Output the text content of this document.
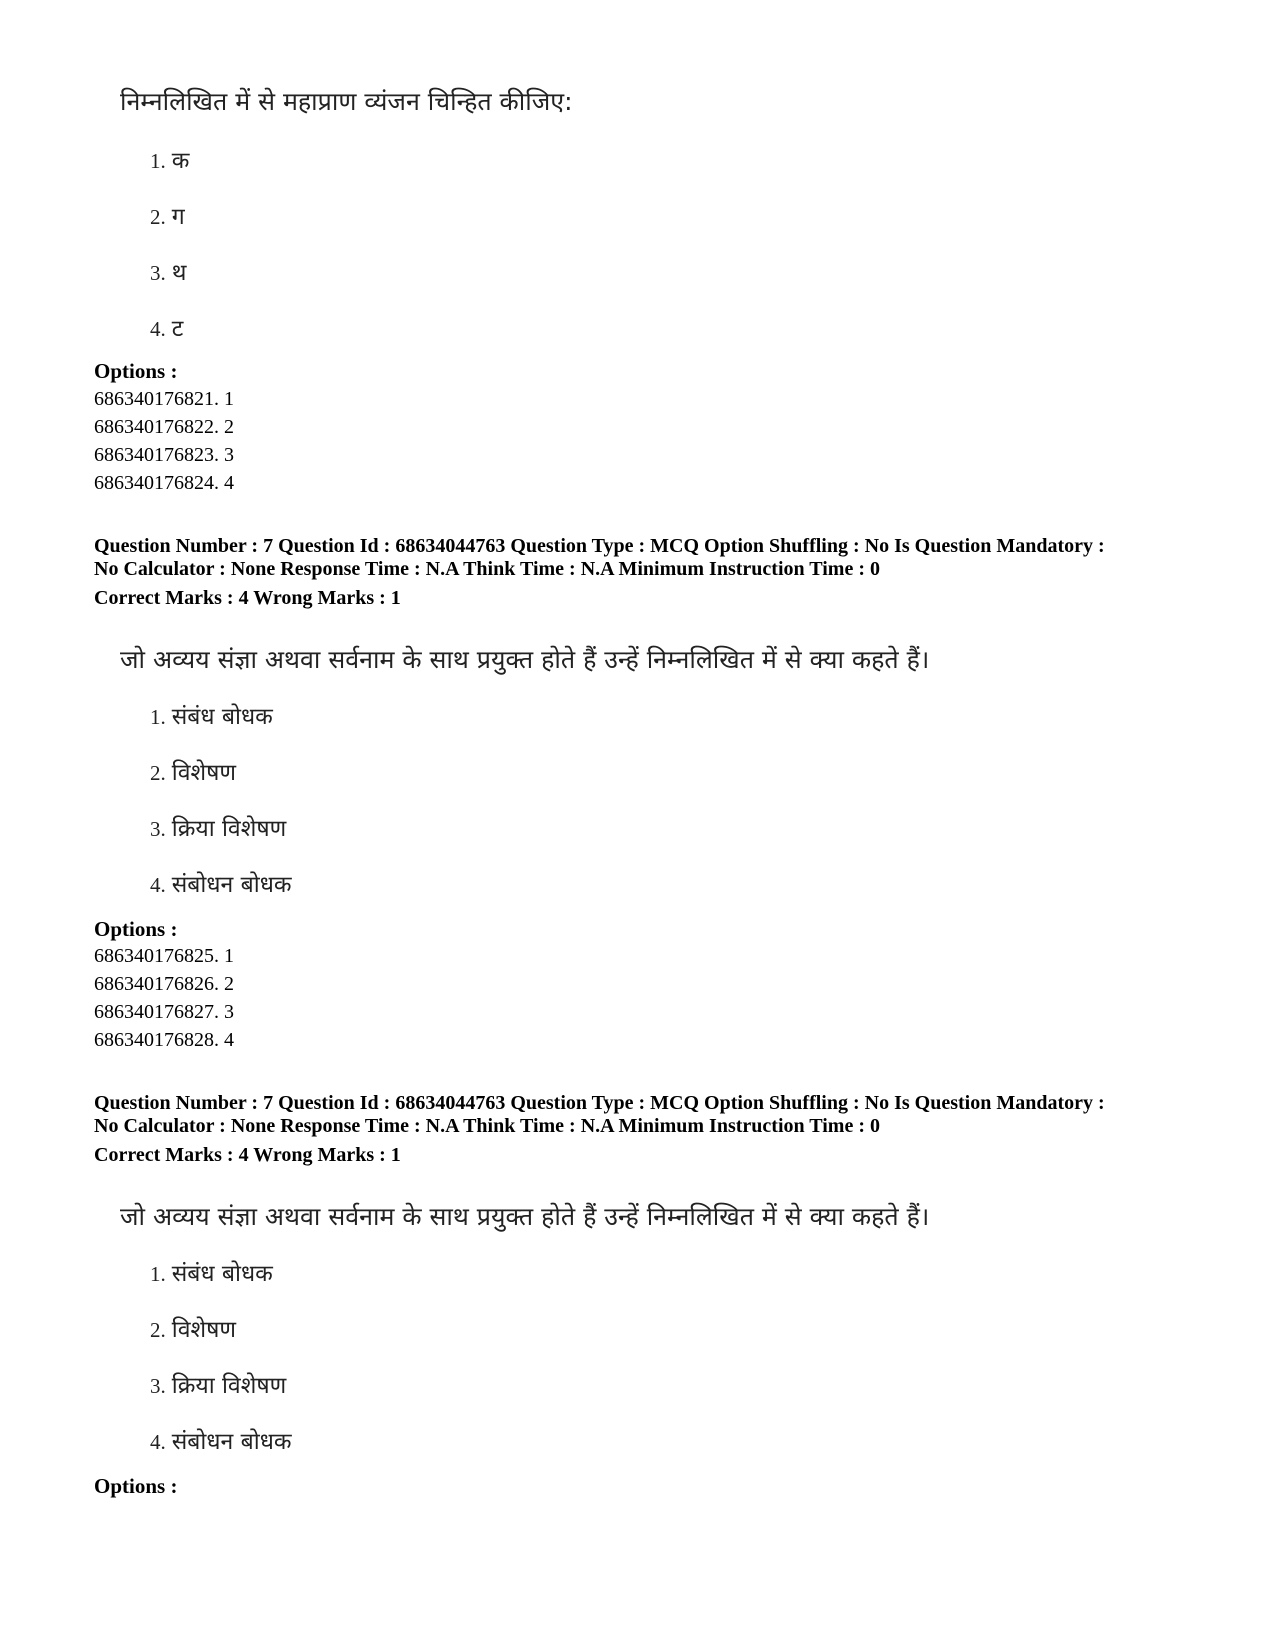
निम्नलिखित में से महाप्राण व्यंजन चिन्हित कीजिए:
1. क
2. ग
3. थ
4. ट
Options :
686340176821. 1
686340176822. 2
686340176823. 3
686340176824. 4
Question Number : 7 Question Id : 68634044763 Question Type : MCQ Option Shuffling : No Is Question Mandatory :
No Calculator : None Response Time : N.A Think Time : N.A Minimum Instruction Time : 0
Correct Marks : 4 Wrong Marks : 1
जो अव्यय संज्ञा अथवा सर्वनाम के साथ प्रयुक्त होते हैं उन्हें निम्नलिखित में से क्या कहते हैं।
1. संबंध बोधक
2. विशेषण
3. क्रिया विशेषण
4. संबोधन बोधक
Options :
686340176825. 1
686340176826. 2
686340176827. 3
686340176828. 4
Question Number : 7 Question Id : 68634044763 Question Type : MCQ Option Shuffling : No Is Question Mandatory :
No Calculator : None Response Time : N.A Think Time : N.A Minimum Instruction Time : 0
Correct Marks : 4 Wrong Marks : 1
जो अव्यय संज्ञा अथवा सर्वनाम के साथ प्रयुक्त होते हैं उन्हें निम्नलिखित में से क्या कहते हैं।
1. संबंध बोधक
2. विशेषण
3. क्रिया विशेषण
4. संबोधन बोधक
Options :
